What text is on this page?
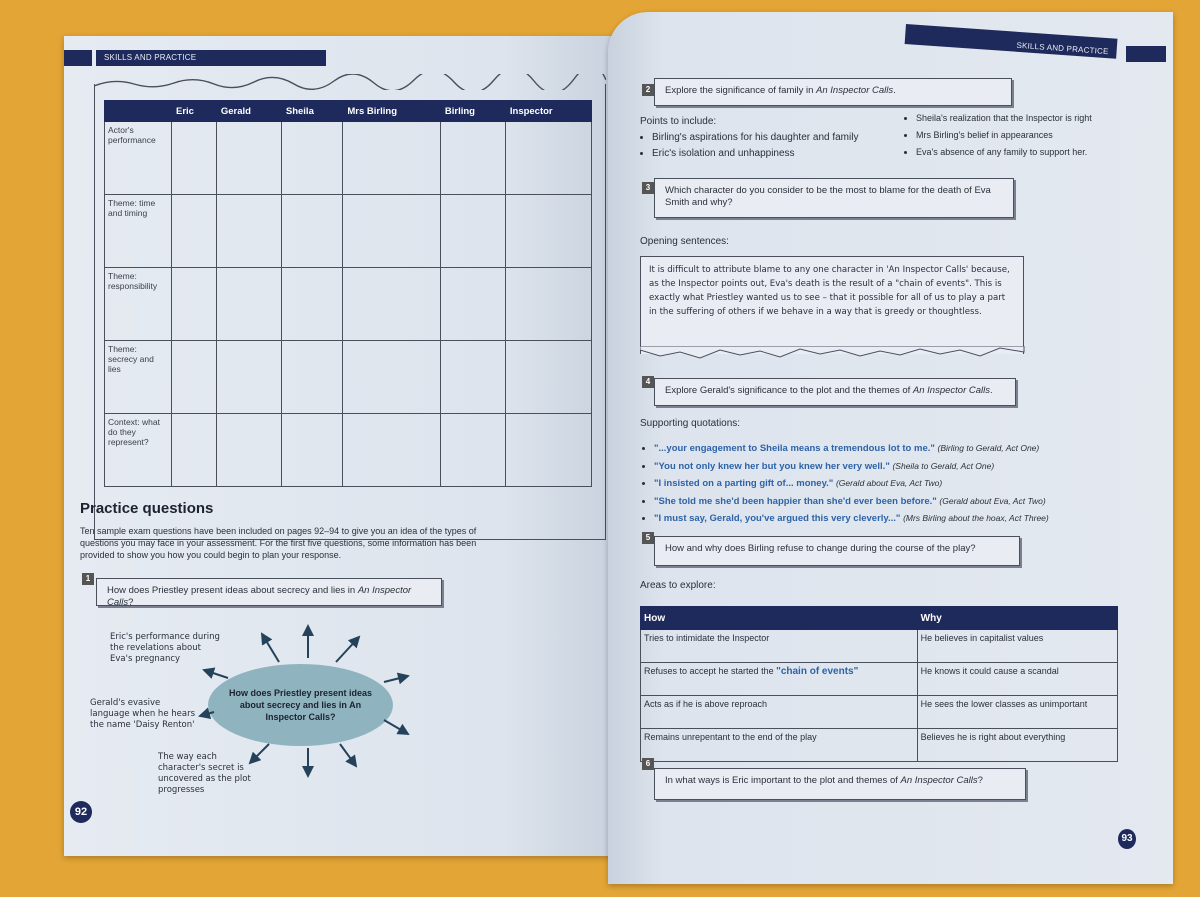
SKILLS AND PRACTICE
	Eric	Gerald	Sheila	Mrs Birling	Birling	Inspector
Actor's performance						
Theme: time and timing						
Theme: responsibility						
Theme: secrecy and lies						
Context: what do they represent?						
Practice questions
Ten sample exam questions have been included on pages 92–94 to give you an idea of the types of questions you may face in your assessment. For the first five questions, some information has been provided to show you how you could begin to plan your response.
1
How does Priestley present ideas about secrecy and lies in An Inspector Calls?
Eric's performance during the revelations about Eva's pregnancy
Gerald's evasive language when he hears the name 'Daisy Renton'
The way each character's secret is uncovered as the plot progresses
How does Priestley present ideas about secrecy and lies in An Inspector Calls?
92
SKILLS AND PRACTICE
2	Explore the significance of family in An Inspector Calls.
Points to include:
• Birling's aspirations for his daughter and family
• Eric's isolation and unhappiness
• Sheila's realization that the Inspector is right
• Mrs Birling's belief in appearances
• Eva's absence of any family to support her.
3	Which character do you consider to be the most to blame for the death of Eva Smith and why?
Opening sentences:
It is difficult to attribute blame to any one character in 'An Inspector Calls' because, as the Inspector points out, Eva's death is the result of a "chain of events". This is exactly what Priestley wanted us to see – that it possible for all of us to play a part in the suffering of others if we behave in a way that is greedy or thoughtless.
4
Explore Gerald's significance to the plot and the themes of An Inspector Calls.
Supporting quotations:
• "...your engagement to Sheila means a tremendous lot to me." (Birling to Gerald, Act One)
• "You not only knew her but you knew her very well." (Sheila to Gerald, Act One)
• "I insisted on a parting gift of... money." (Gerald about Eva, Act Two)
• "She told me she'd been happier than she'd ever been before." (Gerald about Eva, Act Two)
• "I must say, Gerald, you've argued this very cleverly..." (Mrs Birling about the hoax, Act Three)
5
How and why does Birling refuse to change during the course of the play?
Areas to explore:
How	Why
Tries to intimidate the Inspector	He believes in capitalist values
Refuses to accept he started the "chain of events"	He knows it could cause a scandal
Acts as if he is above reproach	He sees the lower classes as unimportant
Remains unrepentant to the end of the play	Believes he is right about everything
6
In what ways is Eric important to the plot and themes of An Inspector Calls?
93
